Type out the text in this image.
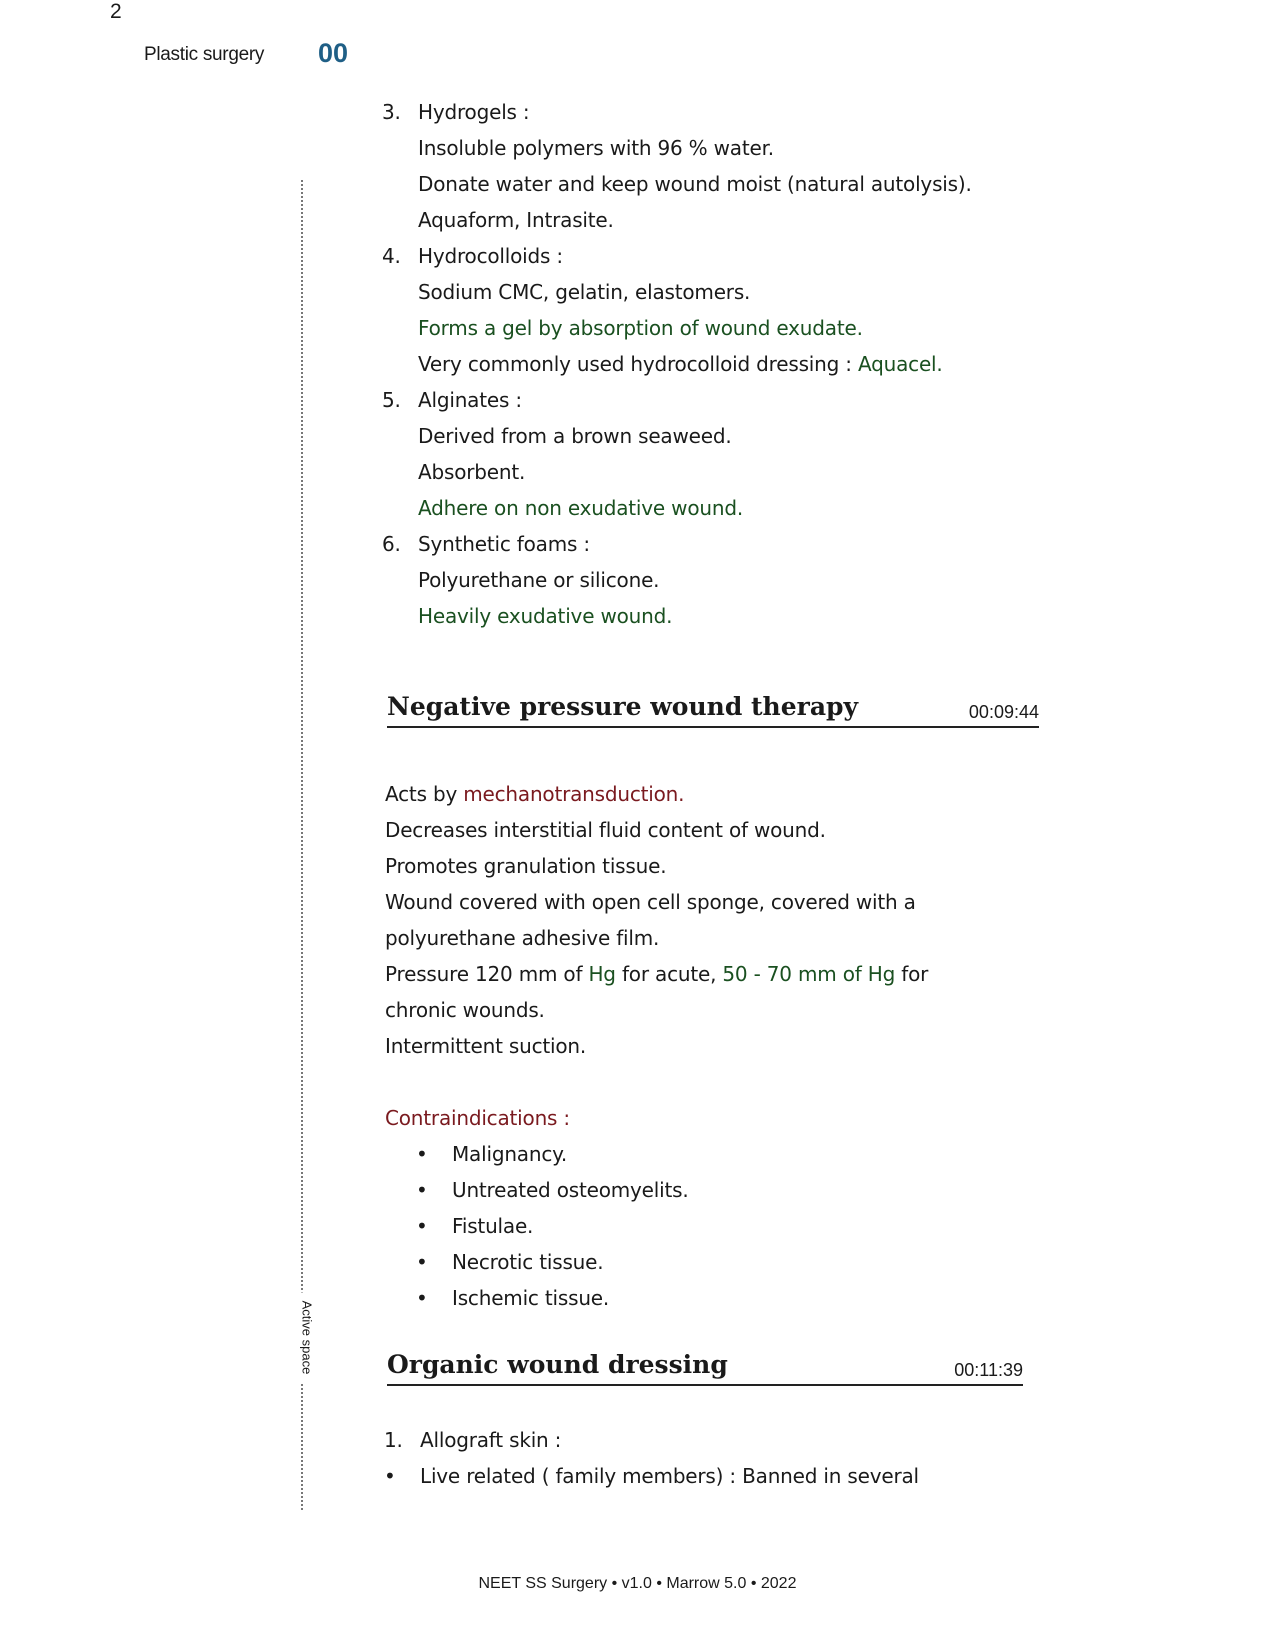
2
Plastic surgery 00
Active space
3. Hydrogels :
Insoluble polymers with 96 % water.
Donate water and keep wound moist (natural autolysis).
Aquaform, Intrasite.
4. Hydrocolloids :
Sodium CMC, gelatin, elastomers.
Forms a gel by absorption of wound exudate.
Very commonly used hydrocolloid dressing : Aquacel.
5. Alginates :
Derived from a brown seaweed.
Absorbent.
Adhere on non exudative wound.
6. Synthetic foams :
Polyurethane or silicone.
Heavily exudative wound.
Negative pressure wound therapy	00:09:44
Acts by mechanotransduction.
Decreases interstitial fluid content of wound.
Promotes granulation tissue.
Wound covered with open cell sponge, covered with a
polyurethane adhesive film.
Pressure 120 mm of Hg for acute, 50 - 70 mm of Hg for
chronic wounds.
Intermittent suction.
Contraindications :
• Malignancy.
• Untreated osteomyelits.
• Fistulae.
• Necrotic tissue.
• Ischemic tissue.
Organic wound dressing	00:11:39
1. Allograft skin :
• Live related ( family members) : Banned in several
NEET SS Surgery • v1.0 • Marrow 5.0 • 2022
